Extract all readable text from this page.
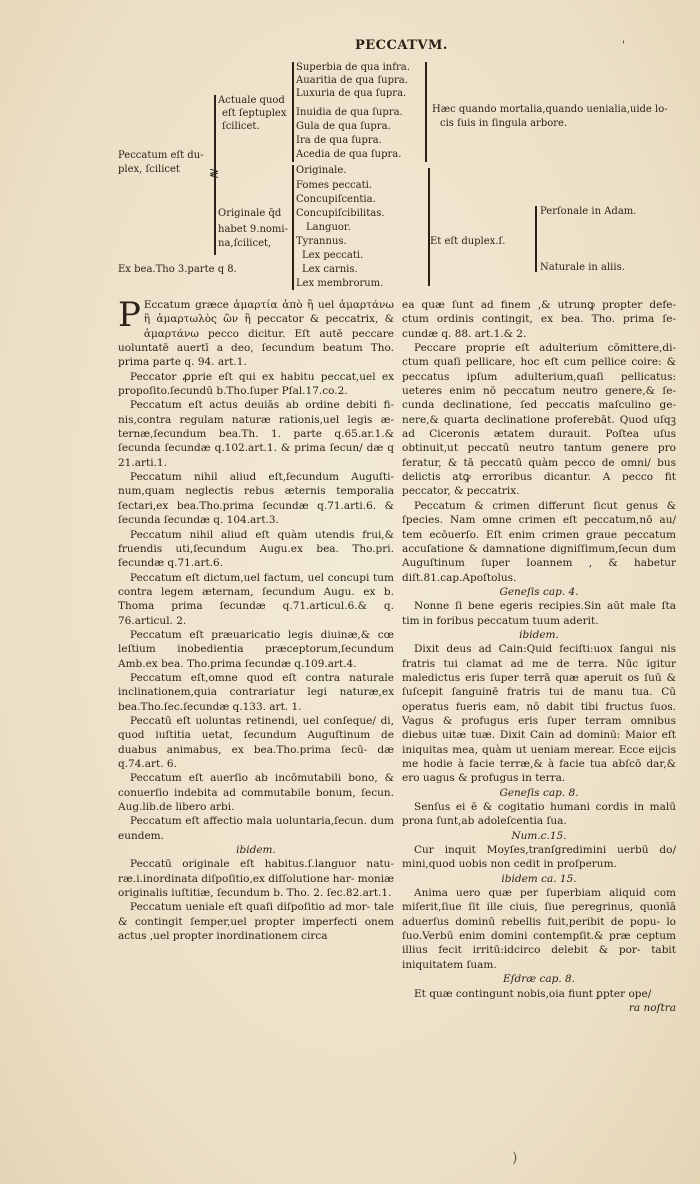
PECCATVM.	'
Peccatum eſt du-
plex, ſcilicet ≷
Actuale quod
eſt ſeptuplex
ſcilicet.
Superbia de qua infra.
Auaritia de qua ſupra.
Luxuria de qua ſupra.
Inuidia de qua ſupra.
Gula de qua ſupra.
Ira de qua ſupra.
Acedia de qua ſupra.
Hæc quando mortalia,quando uenialia,uide lo-
cis ſuis in ſingula arbore.
Originale q̄d
habet 9.nomi-
na,ſcilicet,
Originale.
Fomes peccati.
Concupiſcentia.
Concupiſcibilitas.
Languor.
Tyrannus.
Lex peccati.
Lex carnis.
Lex membrorum.
Et eſt duplex.ſ.
Perſonale in Adam.
Naturale in aliis.
Ex bea.Tho 3.parte q 8.

P Eccatum græce ἁμαρτία ἀπὸ ἢ uel ἁμαρτάνω ἢ ἁμαρτωλὸς ὢν ἢ peccator & peccatrix, & ἁμαρτάνω pecco dicitur. Eſt autē peccare uoluntatē auertī a deo, ſecundum beatum Tho. prima parte q. 94. art.1.

Peccator ꝓprie eſt qui ex habitu peccat,uel ex propoſito.ſecundū b.Tho.ſuper Pſal.17.co.2.

Peccatum eſt actus deuiās ab ordine debiti fi- nis,contra regulam naturæ rationis,uel legis æ- ternæ,ſecundum bea.Th. 1. parte q.65.ar.1.& ſecunda ſecundæ q.102.art.1. & prima ſecun/ dæ q 21.arti.1.

Peccatum nihil aliud eſt,ſecundum Auguſti- num,quam neglectis rebus æternis temporalia ſectari,ex bea.Tho.prima ſecundæ q.71.arti.6. & ſecunda ſecundæ q. 104.art.3.

Peccatum nihil aliud eſt quàm utendis frui,& fruendis uti,ſecundum Augu.ex bea. Tho.pri. ſecundæ q.71.art.6.

Peccatum eſt dictum,uel factum, uel concupi tum contra legem æternam, ſecundum Augu. ex b. Thoma prima ſecundæ q.71.articul.6.& q. 76.articul. 2.

Peccatum eſt præuaricatio legis diuinæ,& cœ leſtium inobedientia præceptorum,ſecundum Amb.ex bea. Tho.prima ſecundæ q.109.art.4.

Peccatum eſt,omne quod eſt contra naturale inclinationem,quia contrariatur legi naturæ,ex bea.Tho.ſec.ſecundæ q.133. art. 1.

Peccatū eſt uoluntas retinendi, uel conſeque/ di, quod iuſtitia uetat, ſecundum Auguſtinum de duabus animabus, ex bea.Tho.prima ſecū- dæ q.74.art. 6.

Peccatum eſt auerſio ab incōmutabili bono, & conuerſio indebita ad commutabile bonum, ſecun. Aug.lib.de libero arbi.

Peccatum eſt affectio mala uoluntaria,ſecun. dum eundem.

ibidem.

Peccatū originale eſt habitus.ſ.languor natu- ræ.i.inordinata diſpoſitio,ex diſſolutione har- moniæ originalis iuſtitiæ, ſecundum b. Tho. 2. ſec.82.art.1.

Peccatum ueniale eſt quaſi diſpoſitio ad mor- tale & contingit ſemper,uel propter imperfecti onem actus ,uel propter inordinationem circa

ea quæ ſunt ad finem ,& utrunꝙ propter defe- ctum ordinis contingit, ex bea. Tho. prima ſe- cundæ q. 88. art.1.& 2.

Peccare proprie eſt adulterium cōmittere,di- ctum quaſi pellicare, hoc eſt cum pellice coire: & peccatus ipſum adulterium,quaſi pellicatus: ueteres enim nō peccatum neutro genere,& ſe- cunda declinatione, ſed peccatis maſculino ge- nere,& quarta declinatione proferebāt. Quod uſqꝫ ad Ciceronis ætatem durauit. Poſtea uſus obtinuit,ut peccatū neutro tantum genere pro feratur, & tā peccatū quàm pecco de omni/ bus delictis atꝙ erroribus dicantur. A pecco fit peccator, & peccatrix.

Peccatum & crimen differunt ſicut genus & ſpecies. Nam omne crimen eſt peccatum,nō au/ tem ecōuerſo. Eſt enim crimen graue peccatum accuſatione & damnatione digniſſimum,ſecun dum Auguſtinum ſuper Ioannem , & habetur diſt.81.cap.Apoſtolus.

Geneſis cap. 4.

Nonne ſi bene egeris recipies.Sin aūt male ſta tim in foribus peccatum tuum aderit.

ibidem.

Dixit deus ad Cain:Quid feciſti:uox ſangui nis fratris tui clamat ad me de terra. Nūc igitur maledictus eris ſuper terrā quæ aperuit os ſuū & ſuſcepit ſanguinē fratris tui de manu tua. Cū operatus fueris eam, nō dabit tibi fructus ſuos. Vagus & profugus eris ſuper terram omnibus diebus uitæ tuæ. Dixit Cain ad dominū: Maior eſt iniquitas mea, quàm ut ueniam merear. Ecce eijcis me hodie à facie terræ,& à facie tua abſcō dar,& ero uagus & profugus in terra.

Geneſis cap. 8.

Senſus ei ē & cogitatio humani cordis in malū prona ſunt,ab adoleſcentia ſua.

Num.c.15.

Cur inquit Moyſes,tranſgredimini uerbū do/ mini,quod uobis non cedit in proſperum.

ibidem ca. 15.

Anima uero quæ per ſuperbiam aliquid com miſerit,ſiue ſit ille ciuis, ſiue peregrinus, quonīā aduerſus dominū rebellis fuit,peribit de popu- lo ſuo.Verbū enim domini contempſit.& præ ceptum illius fecit irritū:idcirco delebit & por- tabit iniquitatem ſuam.

Eſdræ cap. 8.

Et quæ contingunt nobis,oia fiunt ꝑpter ope/

ra noſtra

)
